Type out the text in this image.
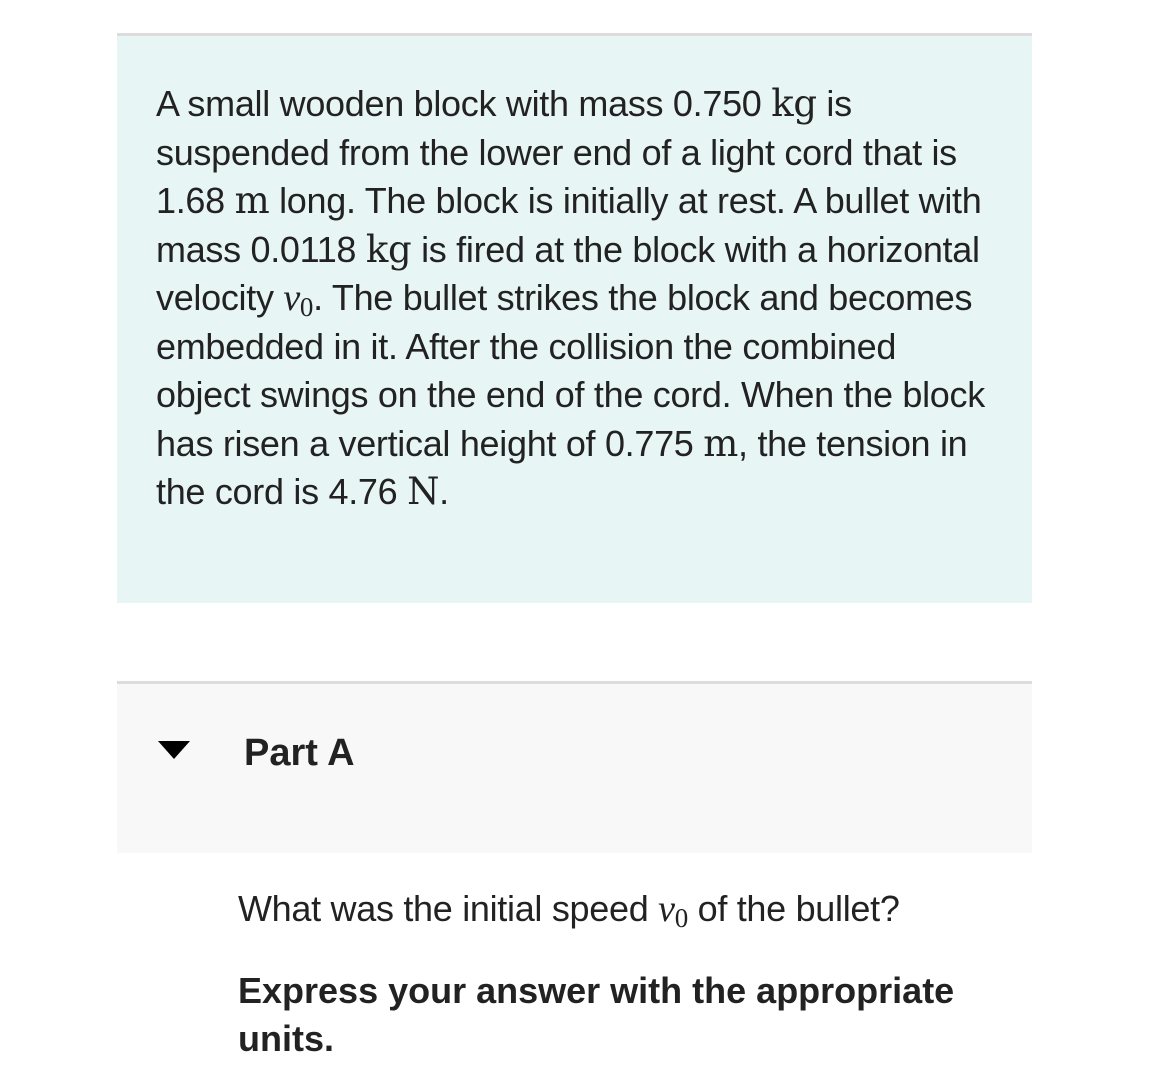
A small wooden block with mass 0.750 kg is suspended from the lower end of a light cord that is 1.68 m long. The block is initially at rest. A bullet with mass 0.0118 kg is fired at the block with a horizontal velocity $v_0$. The bullet strikes the block and becomes embedded in it. After the collision the combined object swings on the end of the cord. When the block has risen a vertical height of 0.775 m, the tension in the cord is 4.76 N.

Part A

What was the initial speed $v_0$ of the bullet?

Express your answer with the appropriate units.
